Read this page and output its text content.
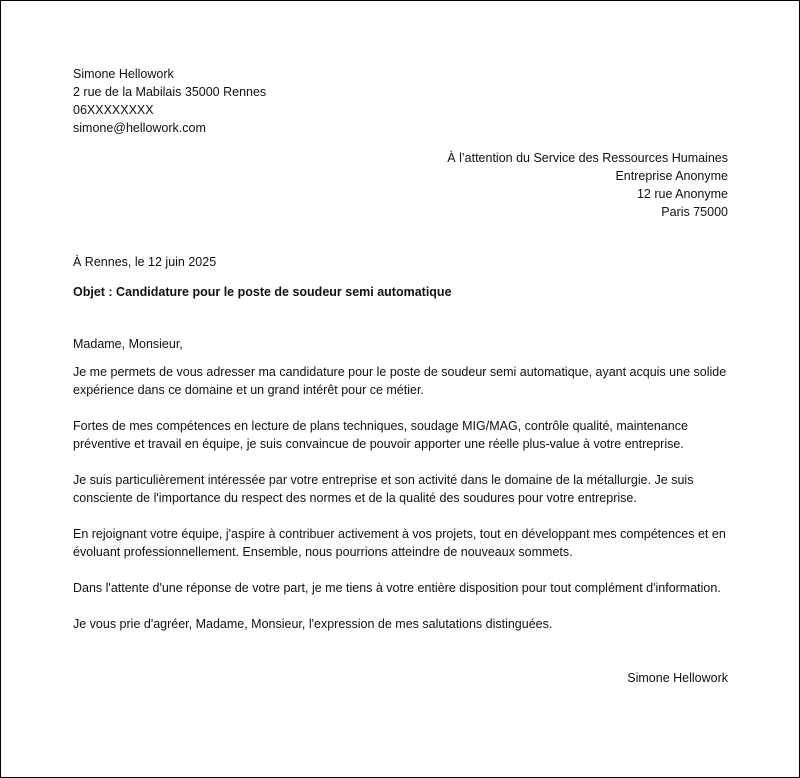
Simone Hellowork
2 rue de la Mabilais 35000 Rennes
06XXXXXXXX
simone@hellowork.com
À l’attention du Service des Ressources Humaines
Entreprise Anonyme
12 rue Anonyme
Paris 75000
À Rennes, le 12 juin 2025
Objet : Candidature pour le poste de soudeur semi automatique
Madame, Monsieur,

Je me permets de vous adresser ma candidature pour le poste de soudeur semi automatique, ayant acquis une solide expérience dans ce domaine et un grand intérêt pour ce métier.

Fortes de mes compétences en lecture de plans techniques, soudage MIG/MAG, contrôle qualité, maintenance préventive et travail en équipe, je suis convaincue de pouvoir apporter une réelle plus-value à votre entreprise.

Je suis particulièrement intéressée par votre entreprise et son activité dans le domaine de la métallurgie. Je suis consciente de l'importance du respect des normes et de la qualité des soudures pour votre entreprise.

En rejoignant votre équipe, j'aspire à contribuer activement à vos projets, tout en développant mes compétences et en évoluant professionnellement. Ensemble, nous pourrions atteindre de nouveaux sommets.

Dans l'attente d'une réponse de votre part, je me tiens à votre entière disposition pour tout complément d'information.

Je vous prie d'agréer, Madame, Monsieur, l'expression de mes salutations distinguées.

Simone Hellowork
